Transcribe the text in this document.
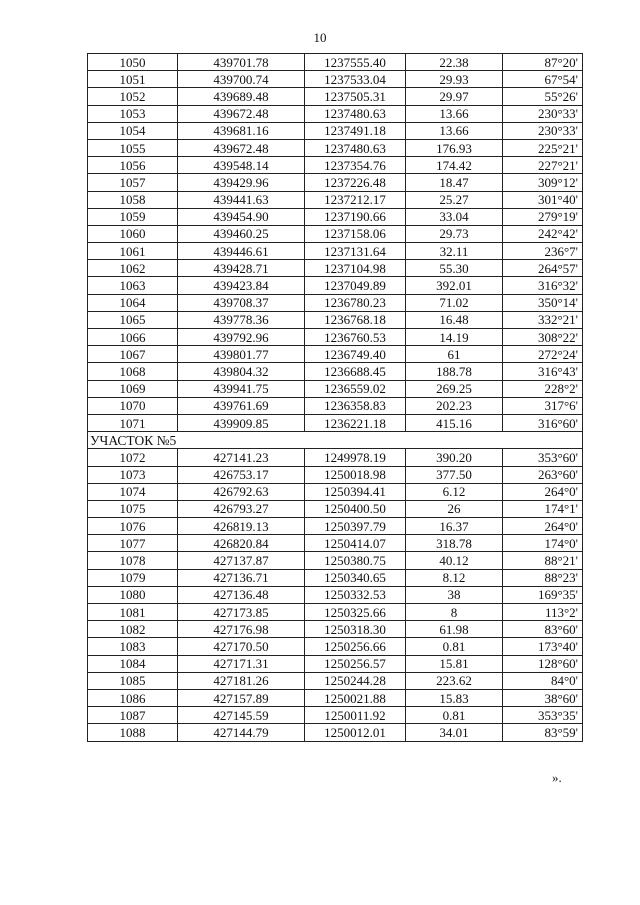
10
1050	439701.78	1237555.40	22.38	87°20'
1051	439700.74	1237533.04	29.93	67°54'
1052	439689.48	1237505.31	29.97	55°26'
1053	439672.48	1237480.63	13.66	230°33'
1054	439681.16	1237491.18	13.66	230°33'
1055	439672.48	1237480.63	176.93	225°21'
1056	439548.14	1237354.76	174.42	227°21'
1057	439429.96	1237226.48	18.47	309°12'
1058	439441.63	1237212.17	25.27	301°40'
1059	439454.90	1237190.66	33.04	279°19'
1060	439460.25	1237158.06	29.73	242°42'
1061	439446.61	1237131.64	32.11	236°7'
1062	439428.71	1237104.98	55.30	264°57'
1063	439423.84	1237049.89	392.01	316°32'
1064	439708.37	1236780.23	71.02	350°14'
1065	439778.36	1236768.18	16.48	332°21'
1066	439792.96	1236760.53	14.19	308°22'
1067	439801.77	1236749.40	61	272°24'
1068	439804.32	1236688.45	188.78	316°43'
1069	439941.75	1236559.02	269.25	228°2'
1070	439761.69	1236358.83	202.23	317°6'
1071	439909.85	1236221.18	415.16	316°60'
УЧАСТОК №5				
1072	427141.23	1249978.19	390.20	353°60'
1073	426753.17	1250018.98	377.50	263°60'
1074	426792.63	1250394.41	6.12	264°0'
1075	426793.27	1250400.50	26	174°1'
1076	426819.13	1250397.79	16.37	264°0'
1077	426820.84	1250414.07	318.78	174°0'
1078	427137.87	1250380.75	40.12	88°21'
1079	427136.71	1250340.65	8.12	88°23'
1080	427136.48	1250332.53	38	169°35'
1081	427173.85	1250325.66	8	113°2'
1082	427176.98	1250318.30	61.98	83°60'
1083	427170.50	1250256.66	0.81	173°40'
1084	427171.31	1250256.57	15.81	128°60'
1085	427181.26	1250244.28	223.62	84°0'
1086	427157.89	1250021.88	15.83	38°60'
1087	427145.59	1250011.92	0.81	353°35'
1088	427144.79	1250012.01	34.01	83°59'
».
